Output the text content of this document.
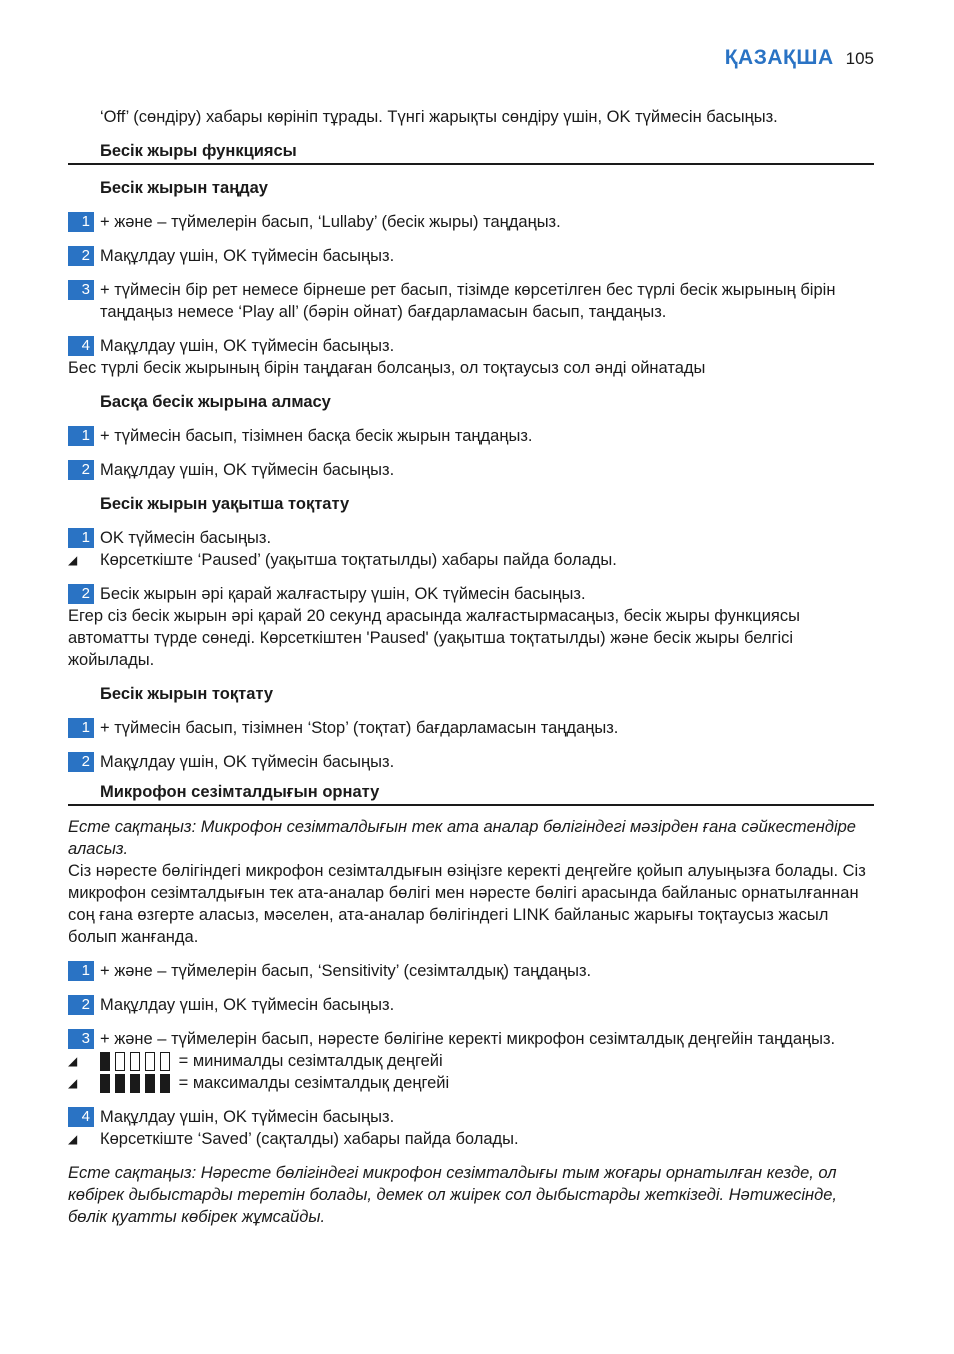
ҚАЗАҚША 105

‘Off’ (сөндіру) хабары көрініп тұрады. Түнгі жарықты сөндіру үшін, OK түймесін басыңыз.

Бесік жыры функциясы
Бесік жырын таңдау
1 + және – түймелерін басып, ‘Lullaby’ (бесік жыры) таңдаңыз.
2 Мақұлдау үшін, OK түймесін басыңыз.
3 + түймесін бір рет немесе бірнеше рет басып, тізімде көрсетілген бес түрлі бесік жырының бірін таңдаңыз немесе ‘Play all’ (бәрін ойнат) бағдарламасын басып, таңдаңыз.
4 Мақұлдау үшін, OK түймесін басыңыз.

Бес түрлі бесік жырының бірін таңдаған болсаңыз, ол тоқтаусыз сол әнді ойнатады

Басқа бесік жырына алмасу
1 + түймесін басып, тізімнен басқа бесік жырын таңдаңыз.
2 Мақұлдау үшін, OK түймесін басыңыз.
Бесік жырын уақытша тоқтату
1 OK түймесін басыңыз.
◢	Көрсеткіште ‘Paused’ (уақытша тоқтатылды) хабары пайда болады.
2 Бесік жырын әрі қарай жалғастыру үшін, OK түймесін басыңыз.

Егер сіз бесік жырын әрі қарай 20 секунд арасында жалғастырмасаңыз, бесік жыры функциясы автоматты түрде сөнеді. Көрсеткіштен 'Paused' (уақытша тоқтатылды) және бесік жыры белгісі жойылады.

Бесік жырын тоқтату
1 + түймесін басып, тізімнен ‘Stop’ (тоқтат) бағдарламасын таңдаңыз.
2 Мақұлдау үшін, OK түймесін басыңыз.
Микрофон сезімталдығын орнату

Есте сақтаңыз: Микрофон сезімталдығын тек ата аналар бөлігіндегі мәзірден ғана сәйкестендіре аласыз.

Сіз нәресте бөлігіндегі микрофон сезімталдығын өзіңізге керекті деңгейге қойып алуыңызға болады. Сіз микрофон сезімталдығын тек ата-аналар бөлігі мен нәресте бөлігі арасында байланыс орнатылғаннан соң ғана өзгерте аласыз, мәселен, ата-аналар бөлігіндегі LINK байланыс жарығы тоқтаусыз жасыл болып жанғанда.

1 + және – түймелерін басып, ‘Sensitivity’ (сезімталдық) таңдаңыз.
2 Мақұлдау үшін, OK түймесін басыңыз.
3 + және – түймелерін басып, нәресте бөлігіне керекті микрофон сезімталдық деңгейін таңдаңыз.
◢	= минималды сезімталдық деңгейі
◢	= максималды сезімталдық деңгейі
4 Мақұлдау үшін, OK түймесін басыңыз.
◢	Көрсеткіште ‘Saved’ (сақталды) хабары пайда болады.

Есте сақтаңыз: Нәресте бөлігіндегі микрофон сезімталдығы тым жоғары орнатылған кезде, ол көбірек дыбыстарды теретін болады, демек ол жиірек сол дыбыстарды жеткізеді. Нәтижесінде, бөлік қуатты көбірек жұмсайды.
